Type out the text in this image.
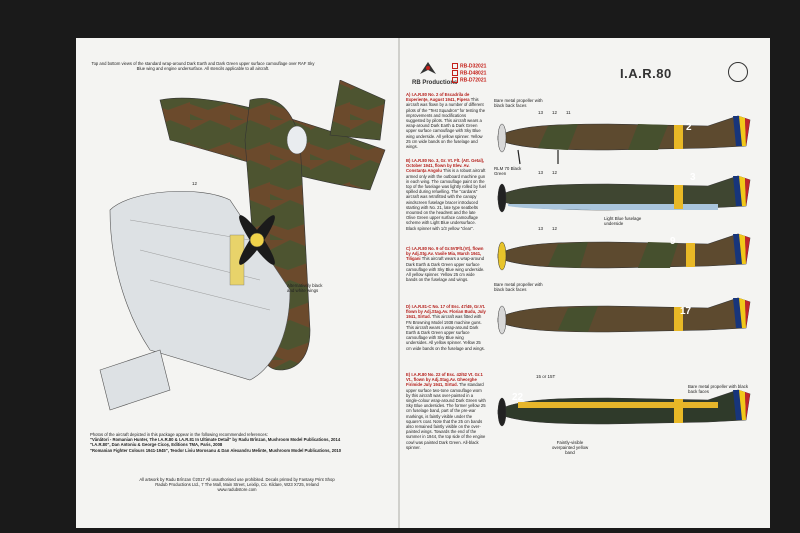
Top and bottom views of the standard wrap-around Dark Earth and Dark Green upper surface camouflage over RAF Sky Blue wing and engine undersurface. All stencils applicable to all aircraft.
Alternatively black and white wings
12
Photos of the aircraft depicted in this package appear in the following recommended references:
"Vânători - Romanian Hunter, The I.A.R.80 & I.A.R.81 In Ultimate Detail" by Radu Brînzan, Mushroom Model Publications, 2014
"I.A.R.80", Dan Antoniu & George Cicoș, Editions TMA, Paris, 2008
"Romanian Fighter Colours 1941-1945", Teodor Liviu Morosanu & Dan Alexandru Melinte, Mushroom Model Publications, 2010
All artwork by Radu Brînzan ©2017 All unauthorised use prohibited. Decals printed by Fantasy Print Shop
Radub Productions Ltd., 7 The Mall, Main Street, Leixlip, Co. Kildare, W23 X725, Ireland
www.radubstore.com
RB Productions
RB-D32021
RB-D48021
RB-D72021	I.A.R.80
A) I.A.R.80 No. 2 of Escadrila de Experienţe, August 1941, Pipera This aircraft was flown by a number of different pilots of the "Test Squadron" for testing the improvements and modifications suggested by pilots. This aircraft wears a wrap-around Dark Earth & Dark Green upper surface camouflage with Sky Blue wing underside. All yellow spinner. Yellow 25 cm wide bands on the fuselage and wings.
B) I.A.R.80 No. 3, Gr. Vt. Flt. (Att. Getal), October 1941, flown by Elev. Av. Constanța Angolu This is a robust aircraft armed only with the outboard machine gun in each wing. The camouflage paint on the top of the fuselage was lightly rolled by fuel spilled during refuelling. The "cardans" aircraft was retrofitted with the canopy windscreen fuselage bracer introduced starting with No. 21, late type seatbelts mounted on the headrest and the late Olive Green upper surface camouflage scheme with Light Blue undersurface. Black spinner with 1/3 yellow "clear".
C) I.A.R.80 No. 9 of Gr.5VtFlt.(Vt), flown by Adj.Stg.Av. Vasile Mia, March 1941, Tiligani This aircraft wears a wrap-around Dark Earth & Dark Green upper surface camouflage with Sky Blue wing underside. All yellow spinner. Yellow 25 cm wide bands on the fuselage and wings.
D) I.A.R.81-C No. 17 of Esc. 47/49, Gr.Vt. flown by Adj.Stag.Av. Florian Budu, July 1941, Sîrtud. This aircraft was fitted with FN Browning Model 1938 machine guns. This aircraft wears a wrap-around Dark Earth & Dark Green upper surface camouflage with Sky Blue wing undersides. All yellow spinner. Yellow 25 cm wide bands on the fuselage and wings.
E) I.A.R.80 No. 22 of Esc. 42/52 Vt. Gr.1 Vt., flown by Adj.Stag.Av. Gheorghe Firimide July 1941, Sîrtud. The standard upper surface two-tone camouflage worn by this aircraft was over-painted in a single-colour wrap-around Dark Green with Sky Blue undersides. The former yellow 25 cm fuselage band, part of the pre-war markings, is faintly visible under the square's coat. Note that the 25 cm bands also remained faintly visible on the over-painted wings. Towards the end of the summer in 1944, the top side of the engine cowl was painted Dark Green. All-black spinner.
2
13 12 11
Bare metal propeller with black back faces
3
13 12
RLM 70 Black Green
Light Blue fuselage underside
9
13 12
17
Bare metal propeller with black back faces
22
15 or 15T
Bare metal propeller with black back faces
Faintly-visible overpainted yellow band
